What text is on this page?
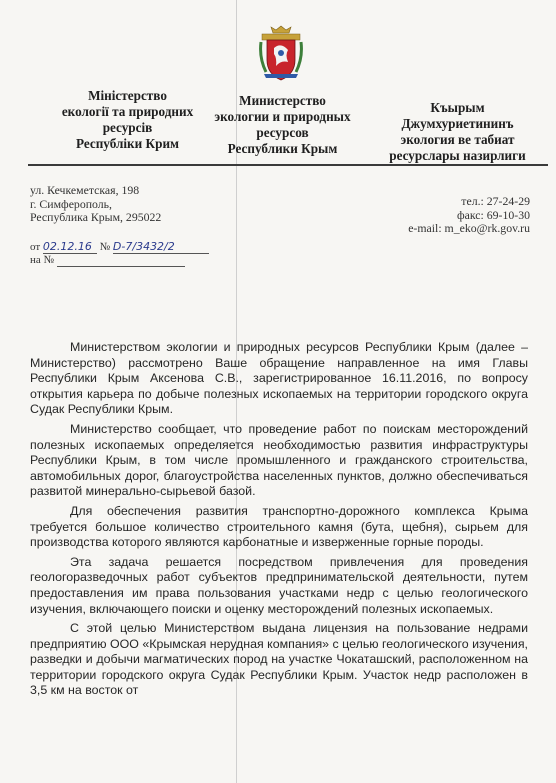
Міністерство
екології та природних
ресурсів
Республіки Крим
Министерство
экологии и природных
ресурсов
Республики Крым
Къырым
Джумхуриетининъ
экология ве табиат
ресурслары назирлиги
ул. Кечкеметская, 198
г. Симферополь,
Республика Крым, 295022
тел.: 27-24-29
факс: 69-10-30
e-mail: m_eko@rk.gov.ru
от 02.12.16 № D-7/3432/2
на №

Министерством экологии и природных ресурсов Республики Крым (далее – Министерство) рассмотрено Ваше обращение направленное на имя Главы Республики Крым Аксенова С.В., зарегистрированное 16.11.2016, по вопросу открытия карьера по добыче полезных ископаемых на территории городского округа Судак Республики Крым.

Министерство сообщает, что проведение работ по поискам месторождений полезных ископаемых определяется необходимостью развития инфраструктуры Республики Крым, в том числе промышленного и гражданского строительства, автомобильных дорог, благоустройства населенных пунктов, должно обеспечиваться развитой минерально-сырьевой базой.

Для обеспечения развития транспортно-дорожного комплекса Крыма требуется большое количество строительного камня (бута, щебня), сырьем для производства которого являются карбонатные и изверженные горные породы.

Эта задача решается посредством привлечения для проведения геологоразведочных работ субъектов предпринимательской деятельности, путем предоставления им права пользования участками недр с целью геологического изучения, включающего поиски и оценку месторождений полезных ископаемых.

С этой целью Министерством выдана лицензия на пользование недрами предприятию ООО «Крымская нерудная компания» с целью геологического изучения, разведки и добычи магматических пород на участке Чокаташский, расположенном на территории городского округа Судак Республики Крым. Участок недр расположен в 3,5 км на восток от
